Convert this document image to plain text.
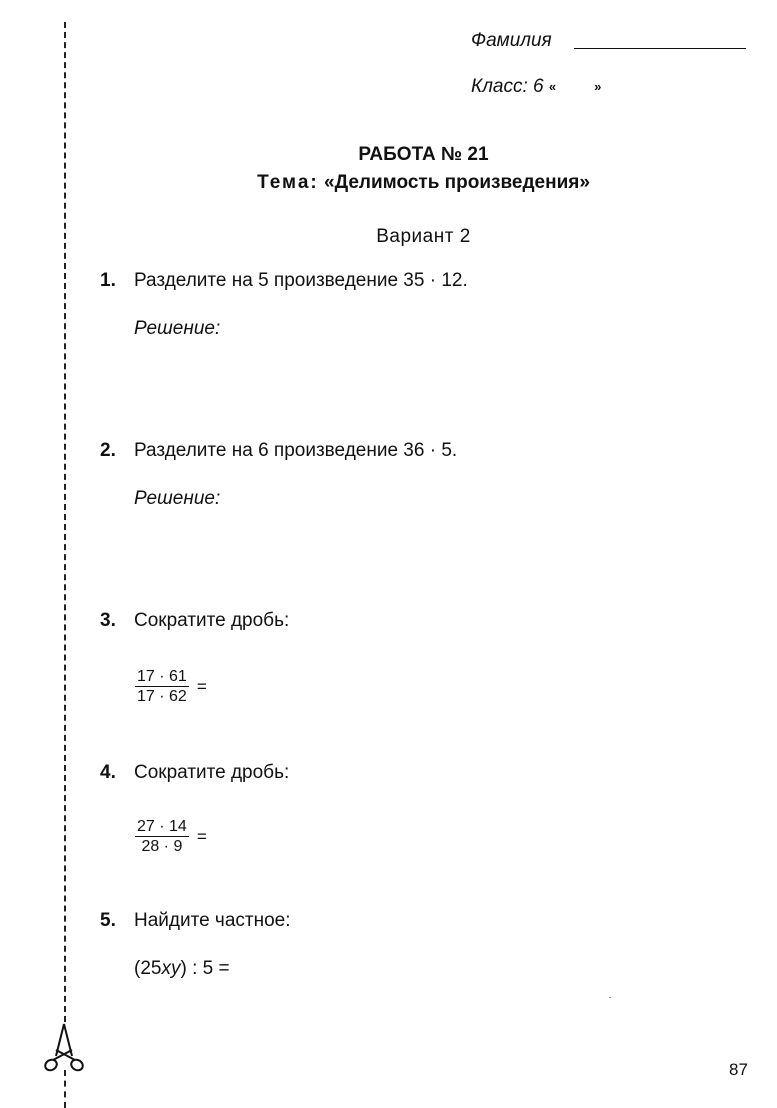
Фамилия
Класс: 6 «	»
РАБОТА № 21
Тема: «Делимость произведения»
Вариант 2
1. Разделите на 5 произведение 35 · 12.
Решение:
2. Разделите на 6 произведение 36 · 5.
Решение:
3. Сократите дробь:
$\frac{17 \cdot 61}{17 \cdot 62}$ =
4. Сократите дробь:
$\frac{27 \cdot 14}{28 \cdot 9}$ =
5. Найдите частное:
(25xy) : 5 =
87
